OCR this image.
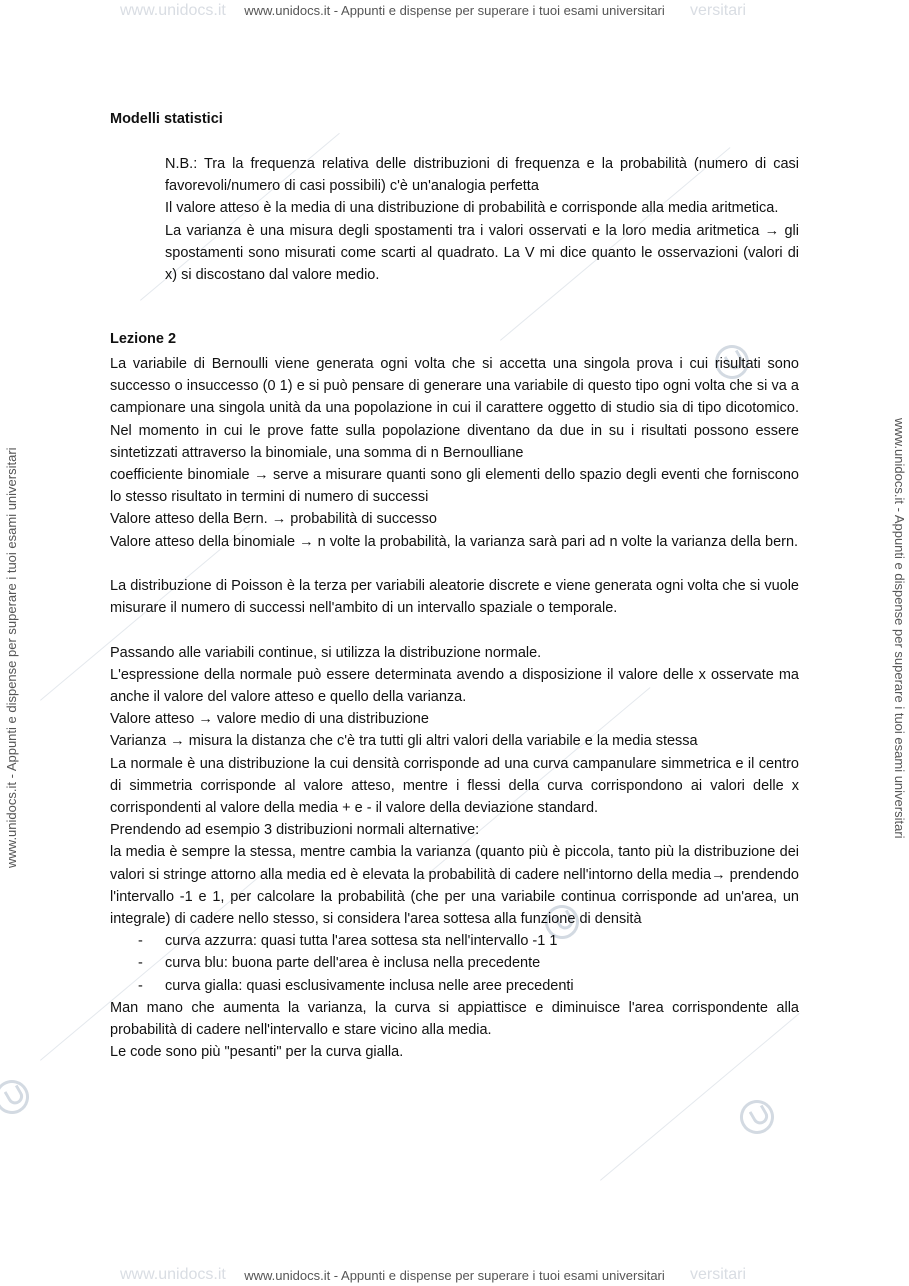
www.unidocs.it	versitari
www.unidocs.it	versitari
www.unidocs.it - Appunti e dispense per superare i tuoi esami universitari
www.unidocs.it - Appunti e dispense per superare i tuoi esami universitari
www.unidocs.it - Appunti e dispense per superare i tuoi esami universitari	www.unidocs.it - Appunti e dispense per superare i tuoi esami universitari
Modelli statistici

N.B.: Tra la frequenza relativa delle distribuzioni di frequenza e la probabilità (numero di casi favorevoli/numero di casi possibili) c'è un'analogia perfetta

Il valore atteso è la media di una distribuzione di probabilità e corrisponde alla media aritmetica.

La varianza è una misura degli spostamenti tra i valori osservati e la loro media aritmetica → gli spostamenti sono misurati come scarti al quadrato. La V mi dice quanto le osservazioni (valori di x) si discostano dal valore medio.

Lezione 2

La variabile di Bernoulli viene generata ogni volta che si accetta una singola prova i cui risultati sono successo o insuccesso (0 1) e si può pensare di generare una variabile di questo tipo ogni volta che si va a campionare una singola unità da una popolazione in cui il carattere oggetto di studio sia di tipo dicotomico. Nel momento in cui le prove fatte sulla popolazione diventano da due in su i risultati possono essere sintetizzati attraverso la binomiale, una somma di n Bernoulliane

coefficiente binomiale → serve a misurare quanti sono gli elementi dello spazio degli eventi che forniscono lo stesso risultato in termini di numero di successi

Valore atteso della Bern. → probabilità di successo

Valore atteso della binomiale → n volte la probabilità, la varianza sarà pari ad n volte la varianza della bern.

La distribuzione di Poisson è la terza per variabili aleatorie discrete e viene generata ogni volta che si vuole misurare il numero di successi nell'ambito di un intervallo spaziale o temporale.

Passando alle variabili continue, si utilizza la distribuzione normale.

L'espressione della normale può essere determinata avendo a disposizione il valore delle x osservate ma anche il valore del valore atteso e quello della varianza.

Valore atteso → valore medio di una distribuzione

Varianza → misura la distanza che c'è tra tutti gli altri valori della variabile e la media stessa

La normale è una distribuzione la cui densità corrisponde ad una curva campanulare simmetrica e il centro di simmetria corrisponde al valore atteso, mentre i flessi della curva corrispondono ai valori delle x corrispondenti al valore della media + e - il valore della deviazione standard.

Prendendo ad esempio 3 distribuzioni normali alternative:

la media è sempre la stessa, mentre cambia la varianza (quanto più è piccola, tanto più la distribuzione dei valori si stringe attorno alla media ed è elevata la probabilità di cadere nell'intorno della media→ prendendo l'intervallo -1 e 1, per calcolare la probabilità (che per una variabile continua corrisponde ad un'area, un integrale) di cadere nello stesso, si considera l'area sottesa alla funzione di densità

- curva azzurra: quasi tutta l'area sottesa sta nell'intervallo -1 1
- curva blu: buona parte dell'area è inclusa nella precedente
- curva gialla: quasi esclusivamente inclusa nelle aree precedenti

Man mano che aumenta la varianza, la curva si appiattisce e diminuisce l'area corrispondente alla probabilità di cadere nell'intervallo e stare vicino alla media.

Le code sono più "pesanti" per la curva gialla.
